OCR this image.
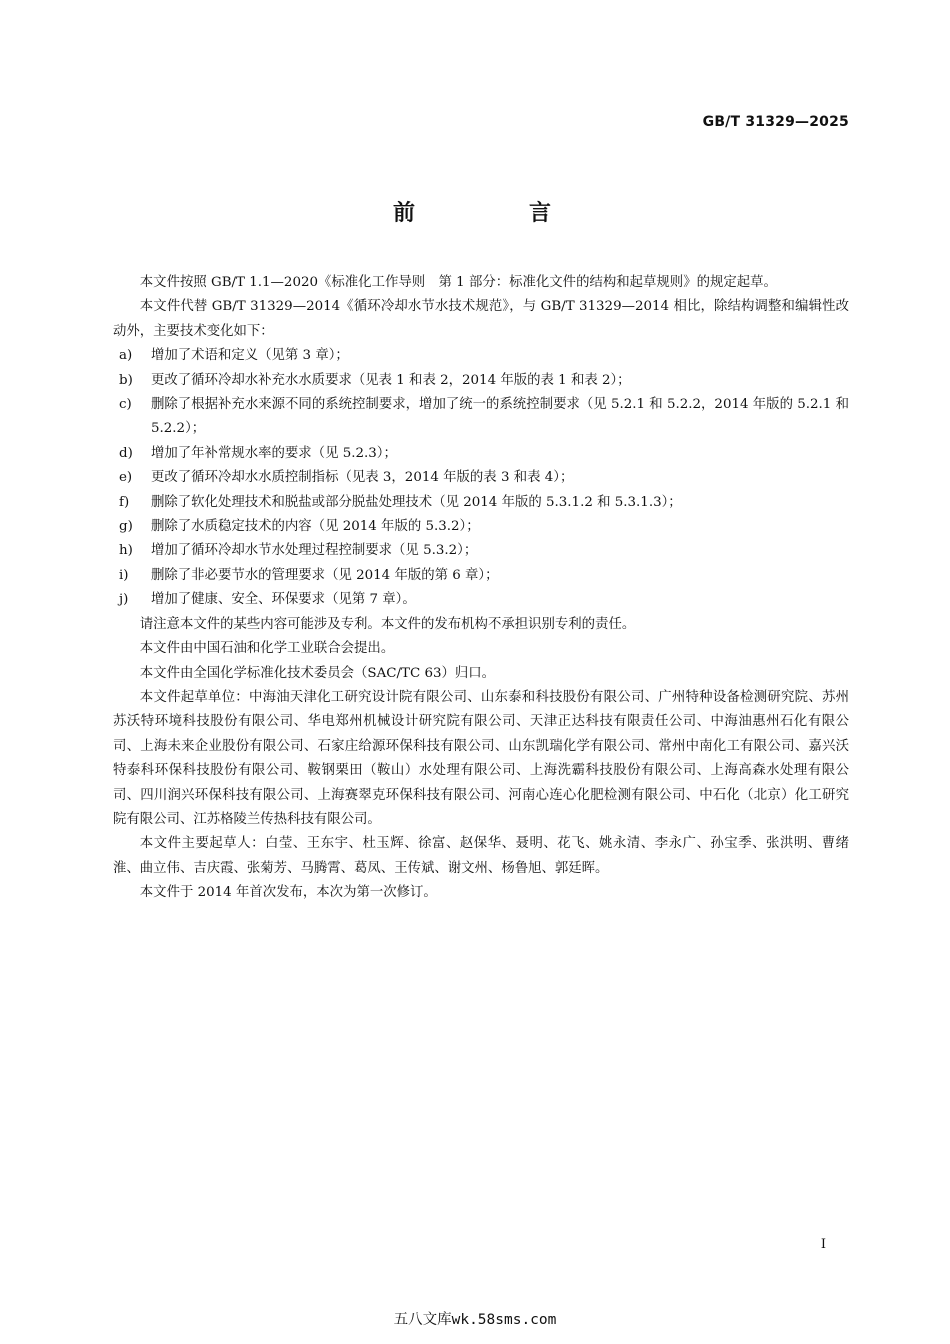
GB/T 31329—2025
前　言

本文件按照 GB/T 1.1—2020《标准化工作导则　第 1 部分：标准化文件的结构和起草规则》的规定起草。

本文件代替 GB/T 31329—2014《循环冷却水节水技术规范》，与 GB/T 31329—2014 相比，除结构调整和编辑性改动外，主要技术变化如下：

a)	增加了术语和定义（见第 3 章）；
b)	更改了循环冷却水补充水水质要求（见表 1 和表 2，2014 年版的表 1 和表 2）；
c)	删除了根据补充水来源不同的系统控制要求，增加了统一的系统控制要求（见 5.2.1 和 5.2.2，2014 年版的 5.2.1 和 5.2.2）；
d)	增加了年补常规水率的要求（见 5.2.3）；
e)	更改了循环冷却水水质控制指标（见表 3，2014 年版的表 3 和表 4）；
f)	删除了软化处理技术和脱盐或部分脱盐处理技术（见 2014 年版的 5.3.1.2 和 5.3.1.3）；
g)	删除了水质稳定技术的内容（见 2014 年版的 5.3.2）；
h)	增加了循环冷却水节水处理过程控制要求（见 5.3.2）；
i)	删除了非必要节水的管理要求（见 2014 年版的第 6 章）；
j)	增加了健康、安全、环保要求（见第 7 章）。

请注意本文件的某些内容可能涉及专利。本文件的发布机构不承担识别专利的责任。

本文件由中国石油和化学工业联合会提出。

本文件由全国化学标准化技术委员会（SAC/TC 63）归口。

本文件起草单位：中海油天津化工研究设计院有限公司、山东泰和科技股份有限公司、广州特种设备检测研究院、苏州苏沃特环境科技股份有限公司、华电郑州机械设计研究院有限公司、天津正达科技有限责任公司、中海油惠州石化有限公司、上海未来企业股份有限公司、石家庄给源环保科技有限公司、山东凯瑞化学有限公司、常州中南化工有限公司、嘉兴沃特泰科环保科技股份有限公司、鞍钢栗田（鞍山）水处理有限公司、上海洗霸科技股份有限公司、上海高森水处理有限公司、四川润兴环保科技有限公司、上海赛翠克环保科技有限公司、河南心连心化肥检测有限公司、中石化（北京）化工研究院有限公司、江苏格陵兰传热科技有限公司。

本文件主要起草人：白莹、王东宇、杜玉辉、徐富、赵保华、聂明、花飞、姚永清、李永广、孙宝季、张洪明、曹绪淮、曲立伟、吉庆霞、张菊芳、马腾霄、葛凤、王传斌、谢文州、杨鲁旭、郭廷晖。

本文件于 2014 年首次发布，本次为第一次修订。

I
五八文库wk.58sms.com
